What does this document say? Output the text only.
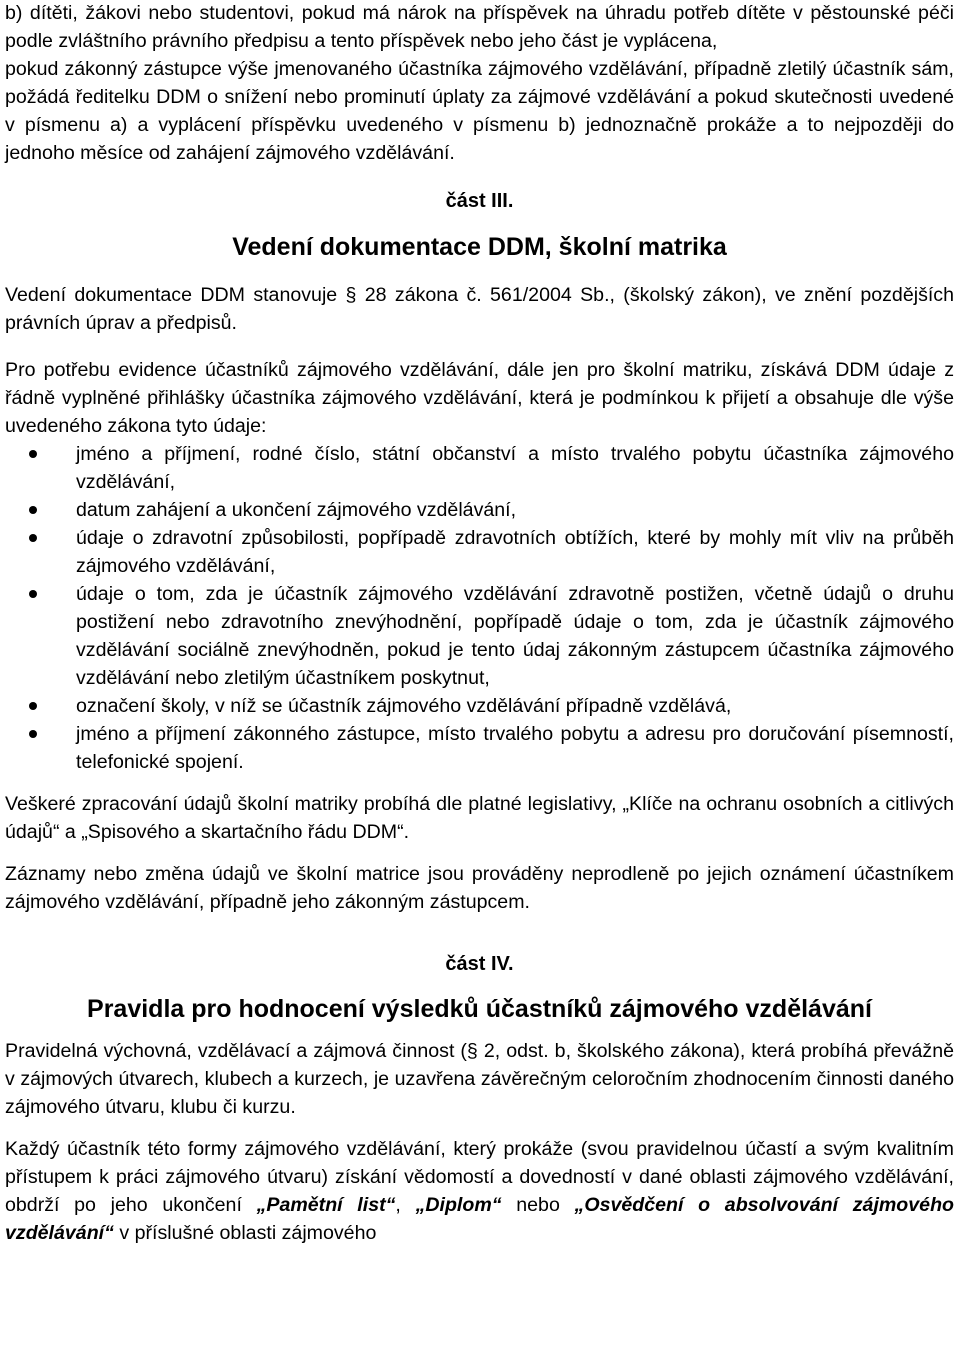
b) dítěti, žákovi nebo studentovi, pokud má nárok na příspěvek na úhradu potřeb dítěte v pěstounské péči podle zvláštního právního předpisu a tento příspěvek nebo jeho část je vyplácena,

pokud zákonný zástupce výše jmenovaného účastníka zájmového vzdělávání, případně zletilý účastník sám, požádá ředitelku DDM o snížení nebo prominutí úplaty za zájmové vzdělávání a pokud skutečnosti uvedené v písmenu a) a vyplácení příspěvku uvedeného v písmenu b) jednoznačně prokáže a to nejpozději do jednoho měsíce od zahájení zájmového vzdělávání.

část III.
Vedení dokumentace DDM, školní matrika

Vedení dokumentace DDM stanovuje § 28 zákona č. 561/2004 Sb., (školský zákon), ve znění pozdějších právních úprav a předpisů.

Pro potřebu evidence účastníků zájmového vzdělávání, dále jen pro školní matriku, získává DDM údaje z řádně vyplněné přihlášky účastníka zájmového vzdělávání, která je podmínkou k přijetí a obsahuje dle výše uvedeného zákona tyto údaje:

jméno a příjmení, rodné číslo, státní občanství a místo trvalého pobytu účastníka zájmového vzdělávání,
datum zahájení a ukončení zájmového vzdělávání,
údaje o zdravotní způsobilosti, popřípadě zdravotních obtížích, které by mohly mít vliv na průběh zájmového vzdělávání,
údaje o tom, zda je účastník zájmového vzdělávání zdravotně postižen, včetně údajů o druhu postižení nebo zdravotního znevýhodnění, popřípadě údaje o tom, zda je účastník zájmového vzdělávání sociálně znevýhodněn, pokud je tento údaj zákonným zástupcem účastníka zájmového vzdělávání nebo zletilým účastníkem poskytnut,
označení školy, v níž se účastník zájmového vzdělávání případně vzdělává,
jméno a příjmení zákonného zástupce, místo trvalého pobytu a adresu pro doručování písemností, telefonické spojení.

Veškeré zpracování údajů školní matriky probíhá dle platné legislativy, „Klíče na ochranu osobních a citlivých údajů“ a „Spisového a skartačního řádu DDM“.

Záznamy nebo změna údajů ve školní matrice jsou prováděny neprodleně po jejich oznámení účastníkem zájmového vzdělávání, případně jeho zákonným zástupcem.

část IV.
Pravidla pro hodnocení výsledků účastníků zájmového vzdělávání

Pravidelná výchovná, vzdělávací a zájmová činnost (§ 2, odst. b, školského zákona), která probíhá převážně v zájmových útvarech, klubech a kurzech, je uzavřena závěrečným celoročním zhodnocením činnosti daného zájmového útvaru, klubu či kurzu.

Každý účastník této formy zájmového vzdělávání, který prokáže (svou pravidelnou účastí a svým kvalitním přístupem k práci zájmového útvaru) získání vědomostí a dovedností v dané oblasti zájmového vzdělávání, obdrží po jeho ukončení „Pamětní list“, „Diplom“ nebo „Osvědčení o absolvování zájmového vzdělávání“ v příslušné oblasti zájmového
